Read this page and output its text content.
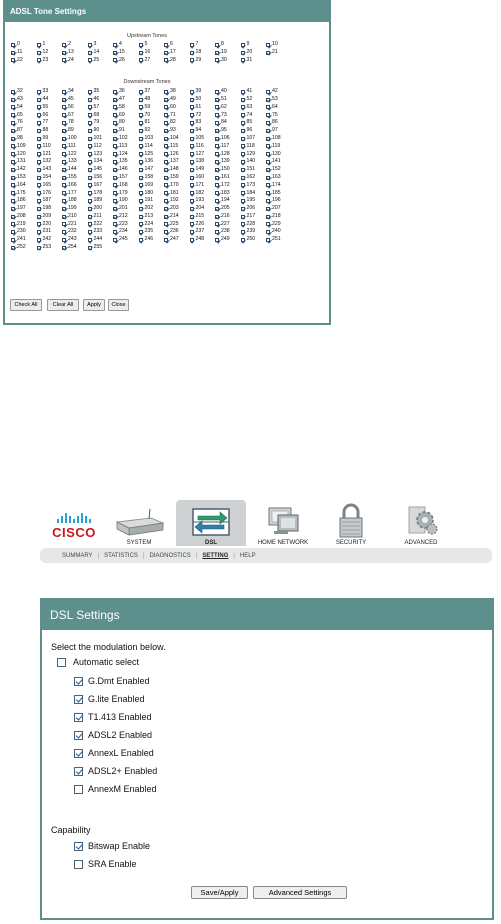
ADSL Tone Settings
Upstream Tones
0	1	2	3	4	5	6	7	8	9	10
11	12	13	14	15	16	17	18	19	20	21
22	23	24	25	26	27	28	29	30	31
Downstream Tones
32	33	34	35	36	37	38	39	40	41	42
43	44	45	46	47	48	49	50	51	52	53
54	55	56	57	58	59	60	61	62	63	64
65	66	67	68	69	70	71	72	73	74	75
76	77	78	79	80	81	82	83	84	85	86
87	88	89	90	91	92	93	94	95	96	97
98	99	100	101	102	103	104	105	106	107	108
109	110	111	112	113	114	115	116	117	118	119
120	121	122	123	124	125	126	127	128	129	130
131	132	133	134	135	136	137	138	139	140	141
142	143	144	145	146	147	148	149	150	151	152
153	154	155	156	157	158	159	160	161	162	163
164	165	166	167	168	169	170	171	172	173	174
175	176	177	178	179	180	181	182	183	184	185
186	187	188	189	190	191	192	193	194	195	196
197	198	199	200	201	202	203	204	205	206	207
208	209	210	211	212	213	214	215	216	217	218
219	220	221	222	223	224	225	226	227	228	229
230	231	232	233	234	235	236	237	238	239	240
241	242	243	244	245	246	247	248	249	250	251
252	253	254	255
Check All	Clear All	Apply	Close
CISCO
SYSTEM	DSL	HOME NETWORK	SECURITY	ADVANCED
SUMMARY | STATISTICS | DIAGNOSTICS | SETTING | HELP
DSL Settings
Select the modulation below.
Automatic select
G.Dmt Enabled
G.lite Enabled
T1.413 Enabled
ADSL2 Enabled
AnnexL Enabled
ADSL2+ Enabled
AnnexM Enabled
Capability
Bitswap Enable
SRA Enable
Save/Apply	Advanced Settings
